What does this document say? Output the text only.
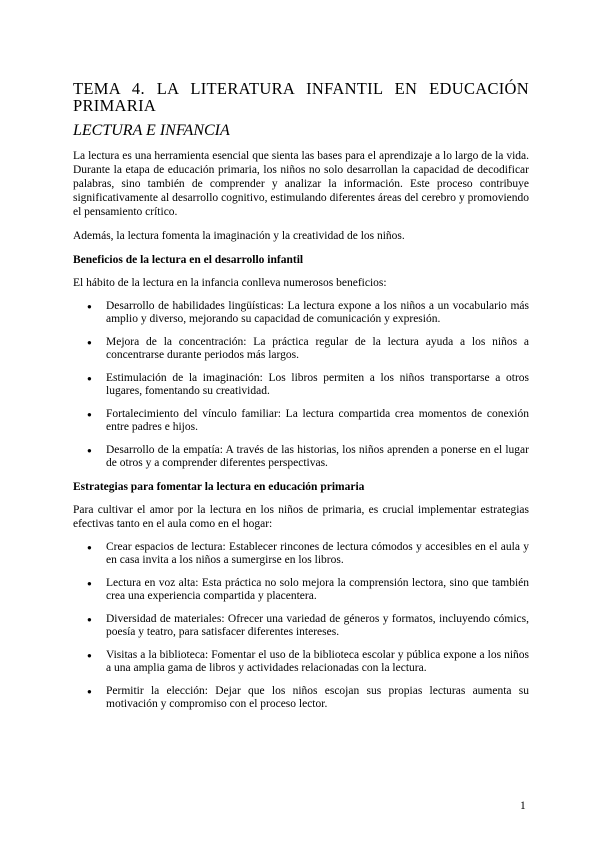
TEMA 4. LA LITERATURA INFANTIL EN EDUCACIÓN PRIMARIA
LECTURA E INFANCIA

La lectura es una herramienta esencial que sienta las bases para el aprendizaje a lo largo de la vida. Durante la etapa de educación primaria, los niños no solo desarrollan la capacidad de decodificar palabras, sino también de comprender y analizar la información. Este proceso contribuye significativamente al desarrollo cognitivo, estimulando diferentes áreas del cerebro y promoviendo el pensamiento crítico.

Además, la lectura fomenta la imaginación y la creatividad de los niños.

Beneficios de la lectura en el desarrollo infantil

El hábito de la lectura en la infancia conlleva numerosos beneficios:

● Desarrollo de habilidades lingüísticas: La lectura expone a los niños a un vocabulario más amplio y diverso, mejorando su capacidad de comunicación y expresión.
● Mejora de la concentración: La práctica regular de la lectura ayuda a los niños a concentrarse durante periodos más largos.
● Estimulación de la imaginación: Los libros permiten a los niños transportarse a otros lugares, fomentando su creatividad.
● Fortalecimiento del vínculo familiar: La lectura compartida crea momentos de conexión entre padres e hijos.
● Desarrollo de la empatía: A través de las historias, los niños aprenden a ponerse en el lugar de otros y a comprender diferentes perspectivas.
Estrategias para fomentar la lectura en educación primaria

Para cultivar el amor por la lectura en los niños de primaria, es crucial implementar estrategias efectivas tanto en el aula como en el hogar:

● Crear espacios de lectura: Establecer rincones de lectura cómodos y accesibles en el aula y en casa invita a los niños a sumergirse en los libros.
● Lectura en voz alta: Esta práctica no solo mejora la comprensión lectora, sino que también crea una experiencia compartida y placentera.
● Diversidad de materiales: Ofrecer una variedad de géneros y formatos, incluyendo cómics, poesía y teatro, para satisfacer diferentes intereses.
● Visitas a la biblioteca: Fomentar el uso de la biblioteca escolar y pública expone a los niños a una amplia gama de libros y actividades relacionadas con la lectura.
● Permitir la elección: Dejar que los niños escojan sus propias lecturas aumenta su motivación y compromiso con el proceso lector.
1
